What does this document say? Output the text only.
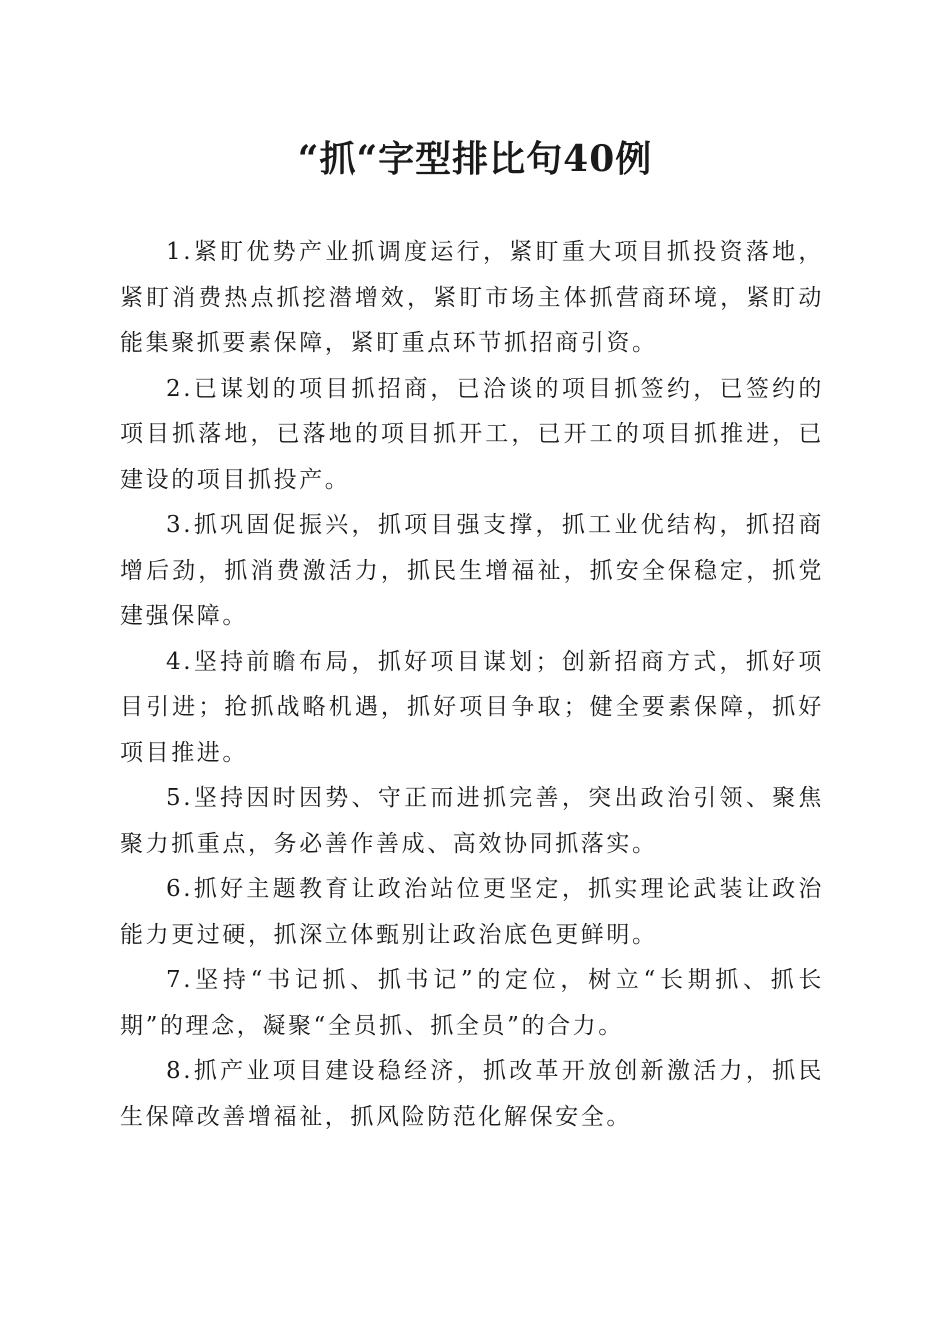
“抓“字型排比句40例

1.紧盯优势产业抓调度运行，紧盯重大项目抓投资落地，紧盯消费热点抓挖潜增效，紧盯市场主体抓营商环境，紧盯动能集聚抓要素保障，紧盯重点环节抓招商引资。

2.已谋划的项目抓招商，已洽谈的项目抓签约，已签约的项目抓落地，已落地的项目抓开工，已开工的项目抓推进，已建设的项目抓投产。

3.抓巩固促振兴，抓项目强支撑，抓工业优结构，抓招商增后劲，抓消费激活力，抓民生增福祉，抓安全保稳定，抓党建强保障。

4.坚持前瞻布局，抓好项目谋划；创新招商方式，抓好项目引进；抢抓战略机遇，抓好项目争取；健全要素保障，抓好项目推进。

5.坚持因时因势、守正而进抓完善，突出政治引领、聚焦聚力抓重点，务必善作善成、高效协同抓落实。

6.抓好主题教育让政治站位更坚定，抓实理论武装让政治能力更过硬，抓深立体甄别让政治底色更鲜明。

7.坚持“书记抓、抓书记”的定位，树立“长期抓、抓长期”的理念，凝聚“全员抓、抓全员”的合力。

8.抓产业项目建设稳经济，抓改革开放创新激活力，抓民生保障改善增福祉，抓风险防范化解保安全。
